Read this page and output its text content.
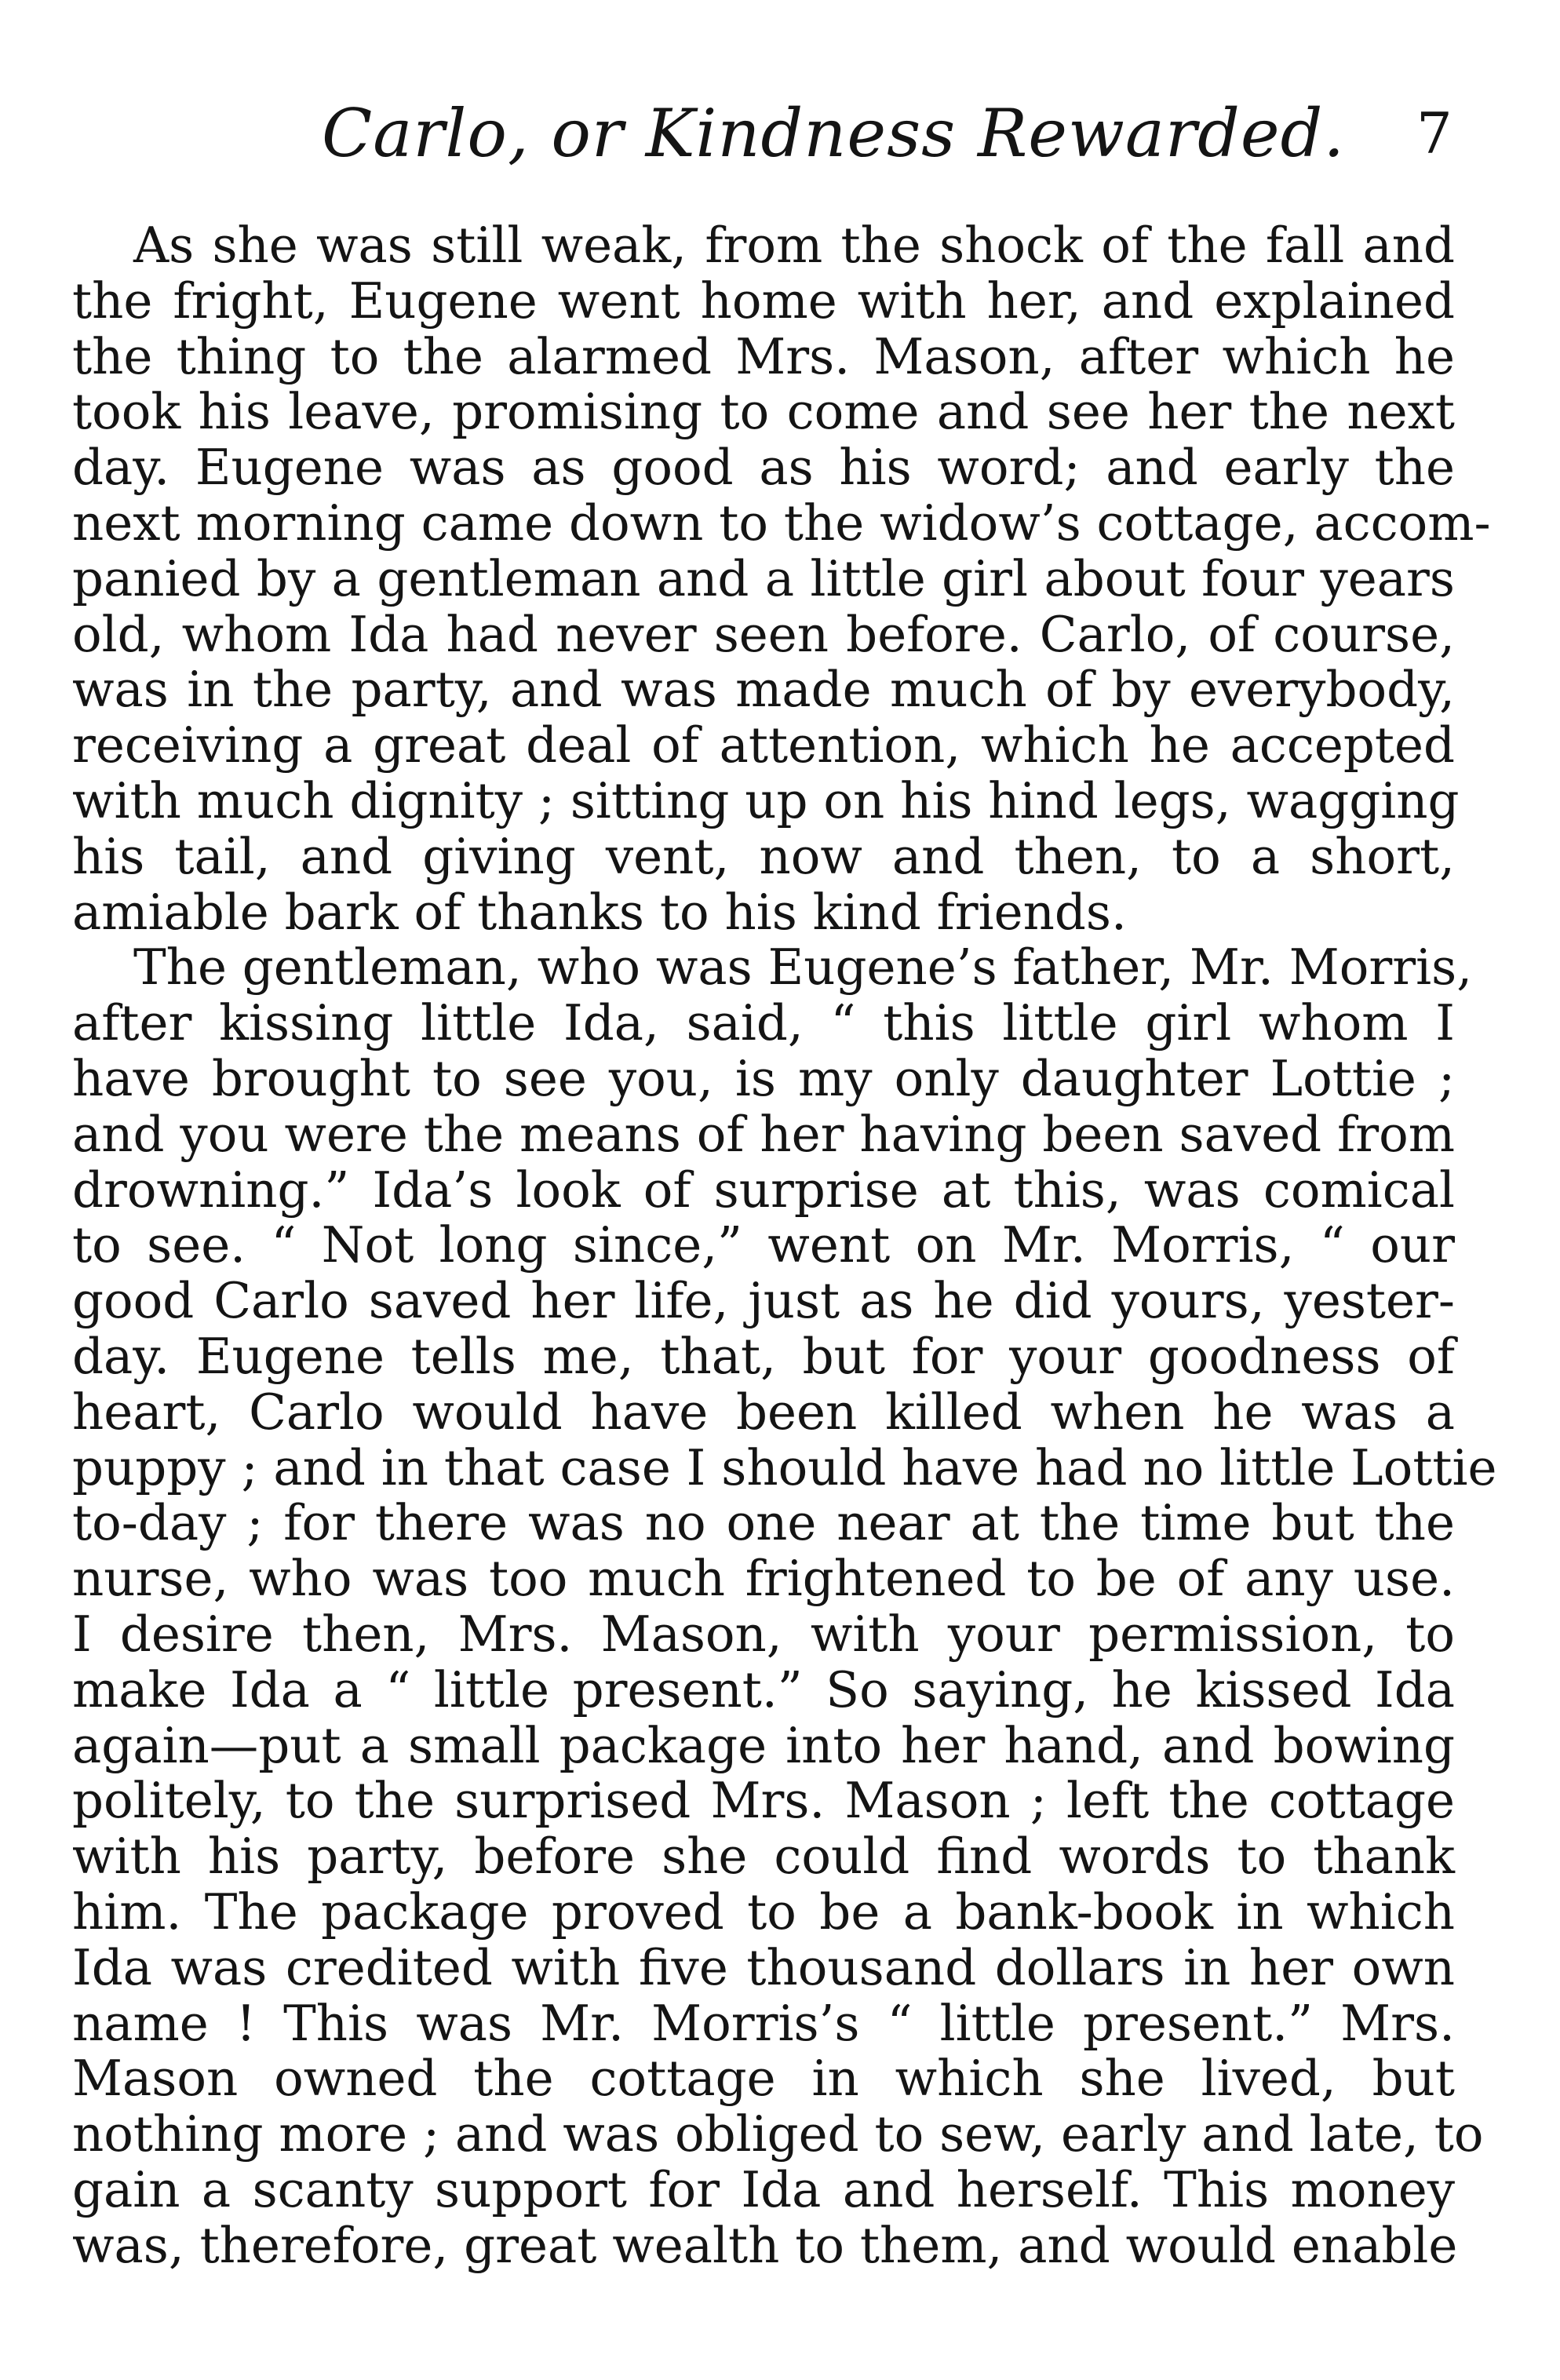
Carlo, or Kindness Rewarded. 7
As she was still weak, from the shock of the fall and
the fright, Eugene went home with her, and explained
the thing to the alarmed Mrs. Mason, after which he
took his leave, promising to come and see her the next
day. Eugene was as good as his word; and early the
next morning came down to the widow’s cottage, accom-
panied by a gentleman and a little girl about four years
old, whom Ida had never seen before. Carlo, of course,
was in the party, and was made much of by everybody,
receiving a great deal of attention, which he accepted
with much dignity ; sitting up on his hind legs, wagging
his tail, and giving vent, now and then, to a short,
amiable bark of thanks to his kind friends.
The gentleman, who was Eugene’s father, Mr. Morris,
after kissing little Ida, said, “ this little girl whom I
have brought to see you, is my only daughter Lottie ;
and you were the means of her having been saved from
drowning.” Ida’s look of surprise at this, was comical
to see. “ Not long since,” went on Mr. Morris, “ our
good Carlo saved her life, just as he did yours, yester-
day. Eugene tells me, that, but for your goodness of
heart, Carlo would have been killed when he was a
puppy ; and in that case I should have had no little Lottie
to-day ; for there was no one near at the time but the
nurse, who was too much frightened to be of any use.
I desire then, Mrs. Mason, with your permission, to
make Ida a “ little present.” So saying, he kissed Ida
again—put a small package into her hand, and bowing
politely, to the surprised Mrs. Mason ; left the cottage
with his party, before she could find words to thank
him. The package proved to be a bank-book in which
Ida was credited with five thousand dollars in her own
name ! This was Mr. Morris’s “ little present.” Mrs.
Mason owned the cottage in which she lived, but
nothing more ; and was obliged to sew, early and late, to
gain a scanty support for Ida and herself. This money
was, therefore, great wealth to them, and would enable
